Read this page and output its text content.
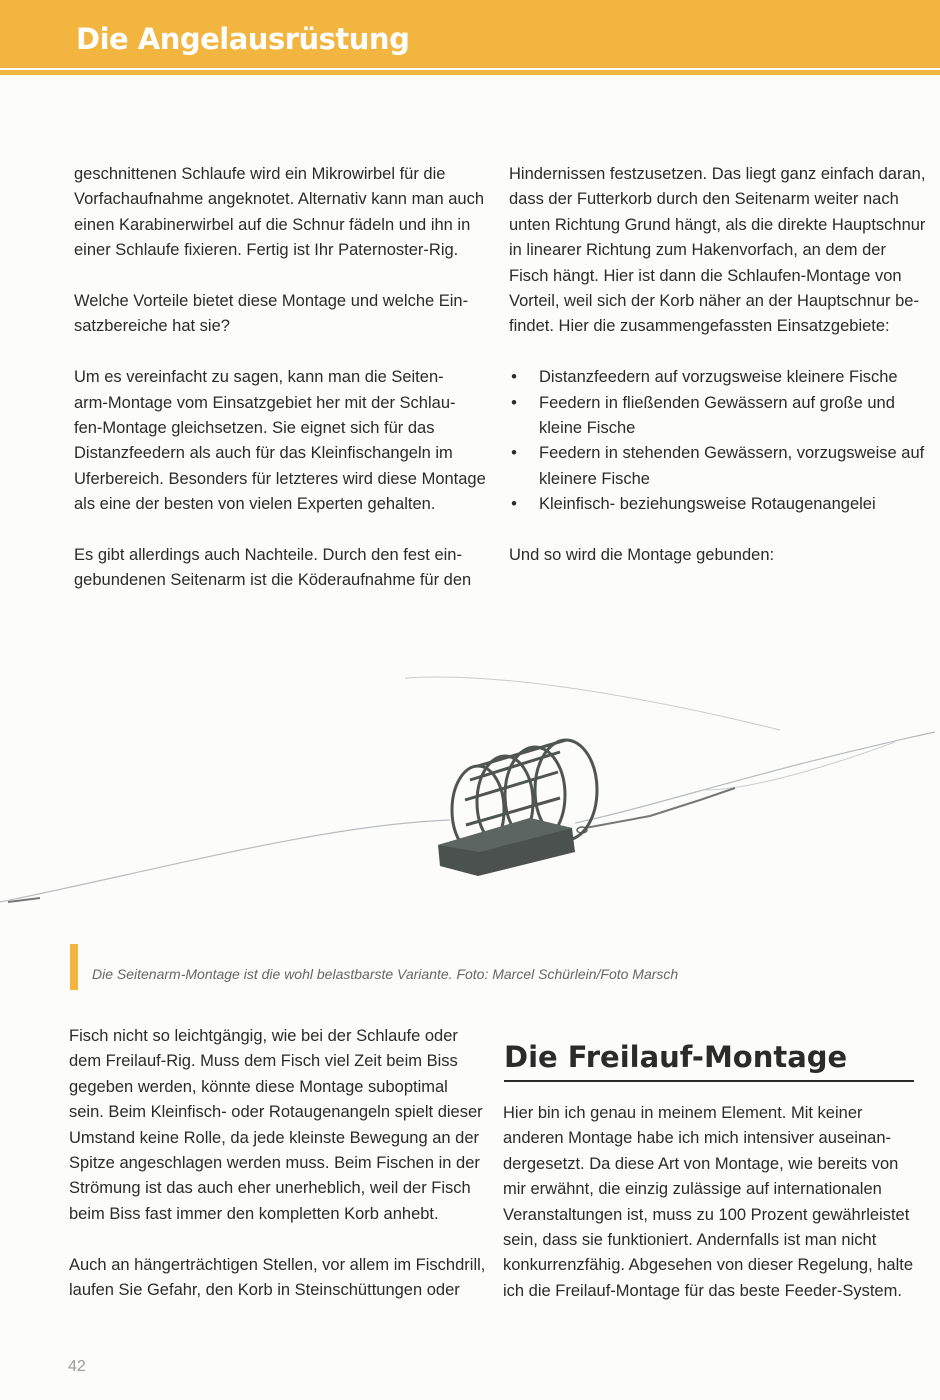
Die Angelausrüstung

geschnittenen Schlaufe wird ein Mikrowirbel für die
Vorfachaufnahme angeknotet. Alternativ kann man auch
einen Karabinerwirbel auf die Schnur fädeln und ihn in
einer Schlaufe fixieren. Fertig ist Ihr Paternoster-Rig.

Welche Vorteile bietet diese Montage und welche Ein-
satzbereiche hat sie?

Um es vereinfacht zu sagen, kann man die Seiten-
arm-Montage vom Einsatzgebiet her mit der Schlau-
fen-Montage gleichsetzen. Sie eignet sich für das
Distanzfeedern als auch für das Kleinfischangeln im
Uferbereich. Besonders für letzteres wird diese Montage
als eine der besten von vielen Experten gehalten.

Es gibt allerdings auch Nachteile. Durch den fest ein-
gebundenen Seitenarm ist die Köderaufnahme für den

Hindernissen festzusetzen. Das liegt ganz einfach daran,
dass der Futterkorb durch den Seitenarm weiter nach
unten Richtung Grund hängt, als die direkte Hauptschnur
in linearer Richtung zum Hakenvorfach, an dem der
Fisch hängt. Hier ist dann die Schlaufen-Montage von
Vorteil, weil sich der Korb näher an der Hauptschnur be-
findet. Hier die zusammengefassten Einsatzgebiete:

• Distanzfeedern auf vorzugsweise kleinere Fische
• Feedern in fließenden Gewässern auf große und
kleine Fische
• Feedern in stehenden Gewässern, vorzugsweise auf
kleinere Fische
• Kleinfisch- beziehungsweise Rotaugenangelei

Und so wird die Montage gebunden:

Die Seitenarm-Montage ist die wohl belastbarste Variante. Foto: Marcel Schürlein/Foto Marsch

Fisch nicht so leichtgängig, wie bei der Schlaufe oder
dem Freilauf-Rig. Muss dem Fisch viel Zeit beim Biss
gegeben werden, könnte diese Montage suboptimal
sein. Beim Kleinfisch- oder Rotaugenangeln spielt dieser
Umstand keine Rolle, da jede kleinste Bewegung an der
Spitze angeschlagen werden muss. Beim Fischen in der
Strömung ist das auch eher unerheblich, weil der Fisch
beim Biss fast immer den kompletten Korb anhebt.

Auch an hängerträchtigen Stellen, vor allem im Fischdrill,
laufen Sie Gefahr, den Korb in Steinschüttungen oder

Die Freilauf-Montage

Hier bin ich genau in meinem Element. Mit keiner
anderen Montage habe ich mich intensiver auseinan-
dergesetzt. Da diese Art von Montage, wie bereits von
mir erwähnt, die einzig zulässige auf internationalen
Veranstaltungen ist, muss zu 100 Prozent gewährleistet
sein, dass sie funktioniert. Andernfalls ist man nicht
konkurrenzfähig. Abgesehen von dieser Regelung, halte
ich die Freilauf-Montage für das beste Feeder-System.

42
